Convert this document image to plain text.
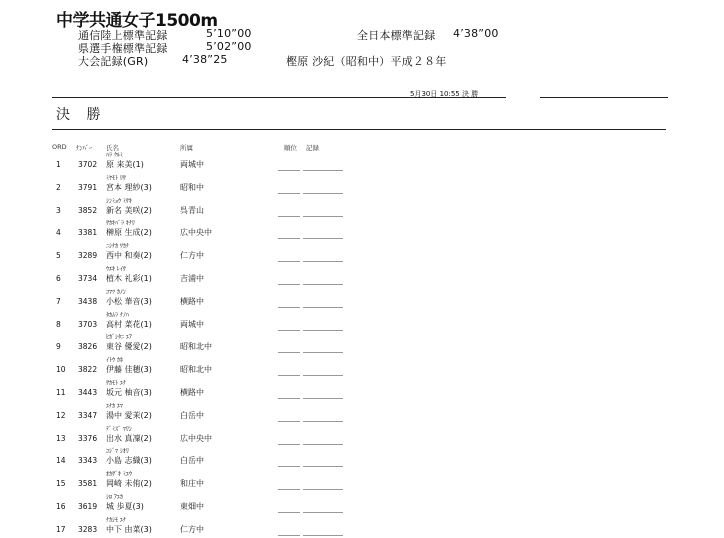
中学共通女子1500m
通信陸上標準記録	5’10”00
県選手権標準記録	5’02”00
大会記録(GR)	4’38”25	樫原 沙紀（昭和中）平成２８年
全日本標準記録 4’38”00
5月30日 10:55 決 勝
決 勝
ORD ﾅﾝﾊﾞｰ 氏名	所属	順位 記録
ﾊﾗ ｸﾙﾐ
1 3702 原 来美(1)	両城中
ﾐﾔﾓﾄ ﾘｻ
2 3791 宮本 理紗(3)	昭和中
ｼﾝﾐｮｳ ﾐｻｷ
3 3852 新名 美咲(2)	呉青山
ｻｶｷﾊﾞﾗ ｷﾅﾘ
4 3381 榊原 生成(2)	広中央中
ﾆｼﾅｶ ﾜｶﾅ
5 3289 西中 和奏(2)	仁方中
ｳｴｷ ﾚｲｻ
6 3734 植木 礼彩(1)	吉浦中
ｺﾏﾂ ｶﾉﾝ
7 3438 小松 華音(3)	横路中
ﾀｶﾑﾗ ﾅﾉﾊ
8 3703 高村 菜花(1)	両城中
ﾋｶﾞｼﾀﾆ ﾕｱ
9 3826 東谷 優愛(2)	昭和北中
ｲﾄｳ ｶﾎ
10 3822 伊藤 佳穂(3)	昭和北中
ｻｶﾓﾄ ﾕﾅ
11 3443 坂元 柚音(3)	横路中
ﾕﾅｶ ｴﾏ
12 3347 湯中 愛茉(2)	白岳中
ﾃﾞﾐｽﾞ ﾏﾘﾝ
13 3376 出水 真凜(2)	広中央中
ｺｼﾞﾏ ｼｵﾘ
14 3343 小島 志織(3)	白岳中
ｵｶｻﾞｷ ﾐﾕｳ
15 3581 岡崎 未侑(2)	和庄中
ｼﾛ ｱﾕｶ
16 3619 城 歩夏(3)	東畑中
ﾅｶｼﾓ ﾕﾅ
17 3283 中下 由菜(3)	仁方中
